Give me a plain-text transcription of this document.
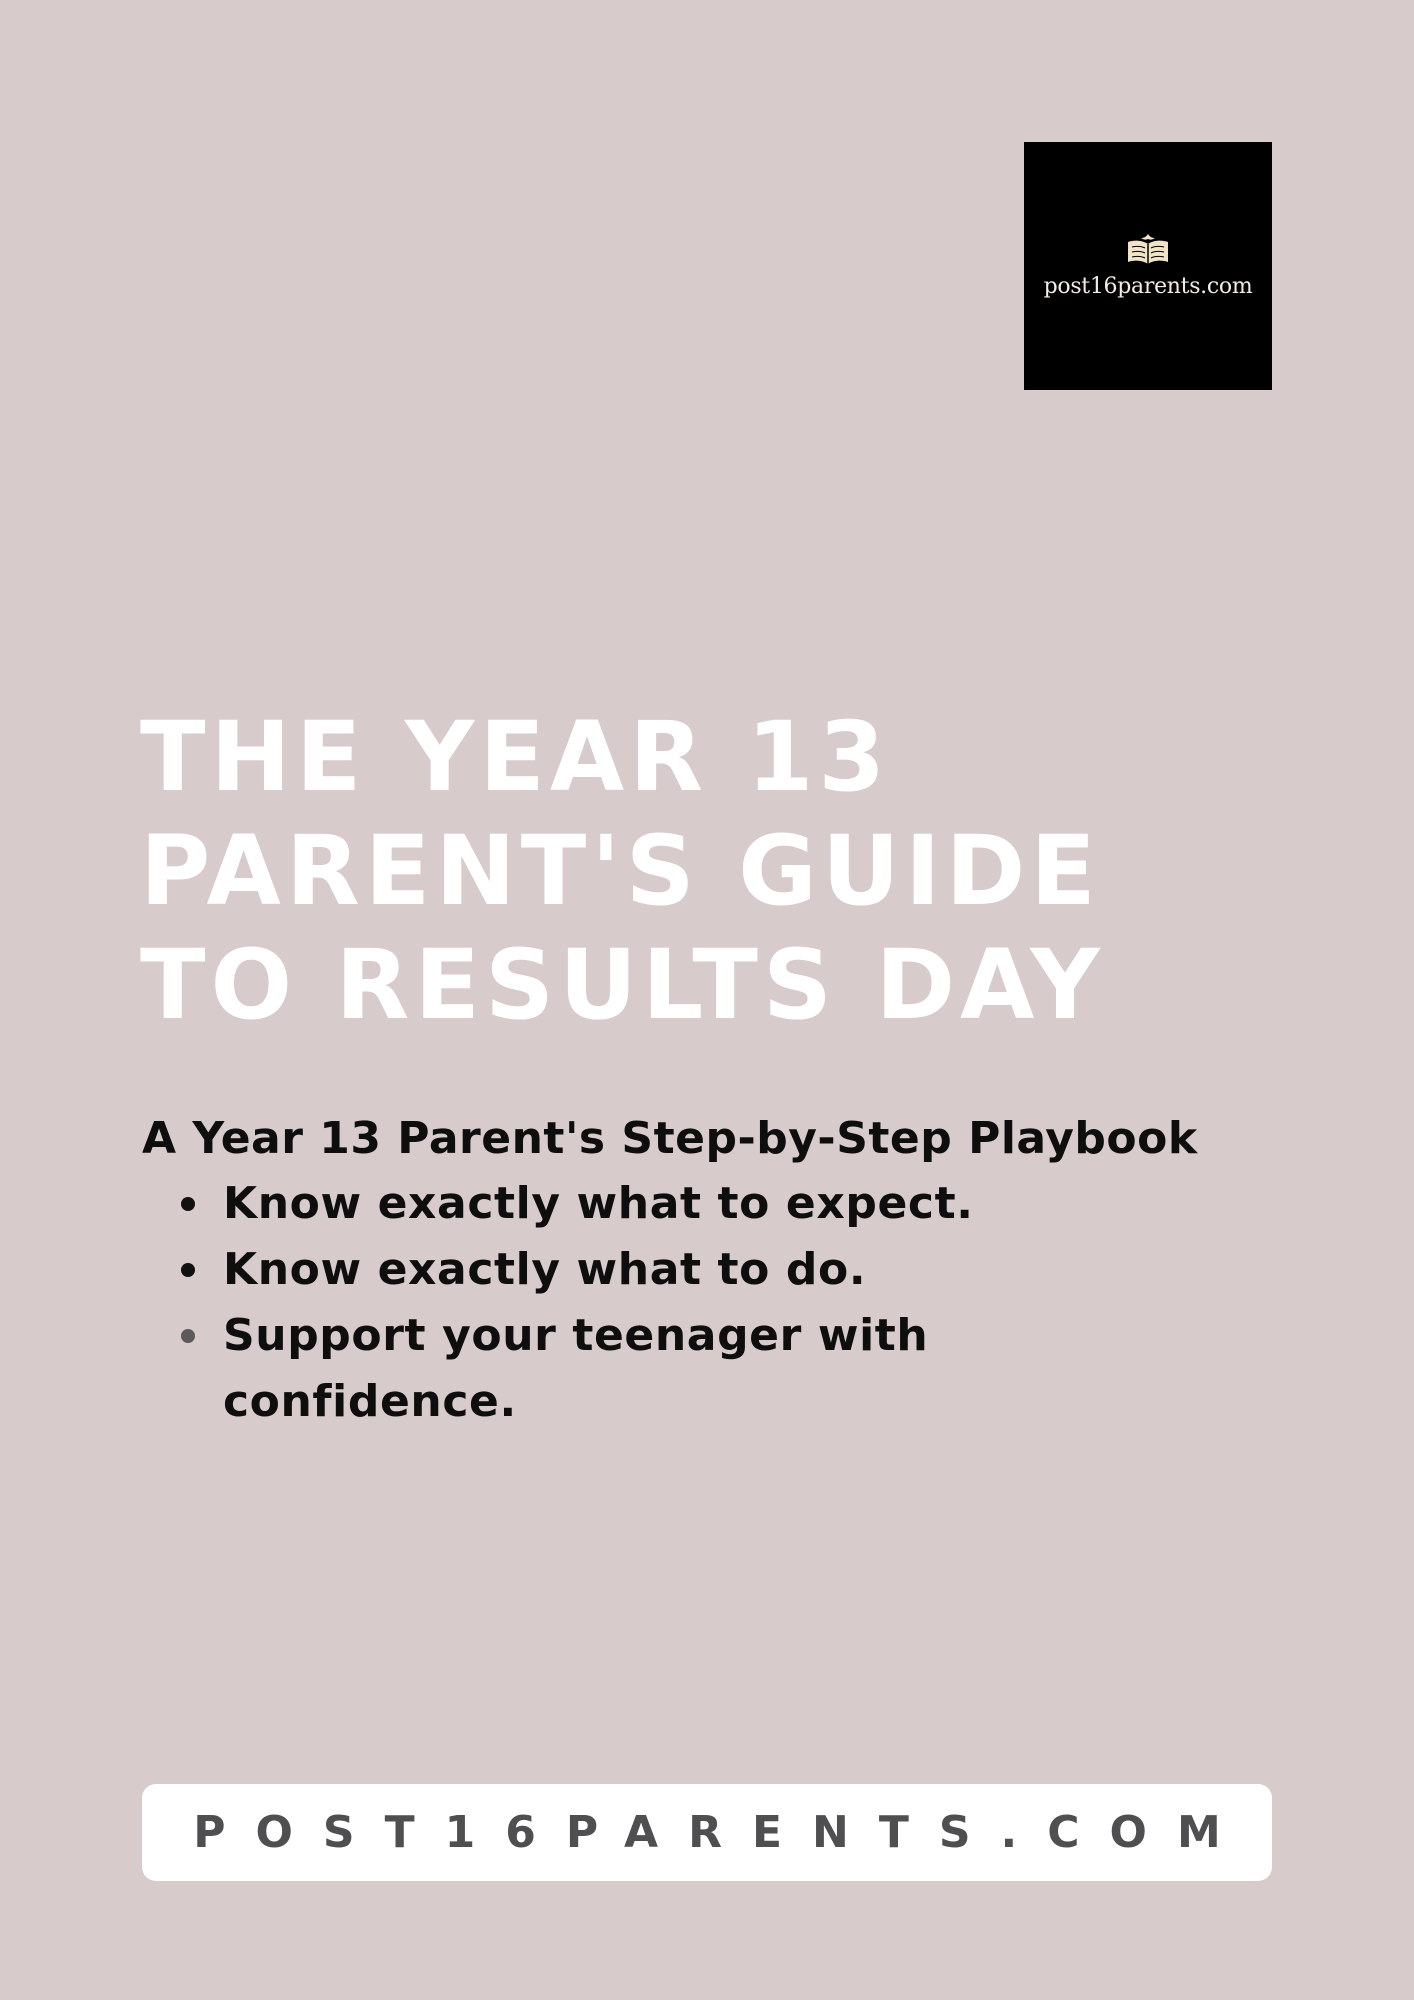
post16parents.com
THE YEAR 13
PARENT'S GUIDE
TO RESULTS DAY

A Year 13 Parent's Step-by-Step Playbook

Know exactly what to expect.
Know exactly what to do.
Support your teenager with confidence.
POST16PARENTS.COM
